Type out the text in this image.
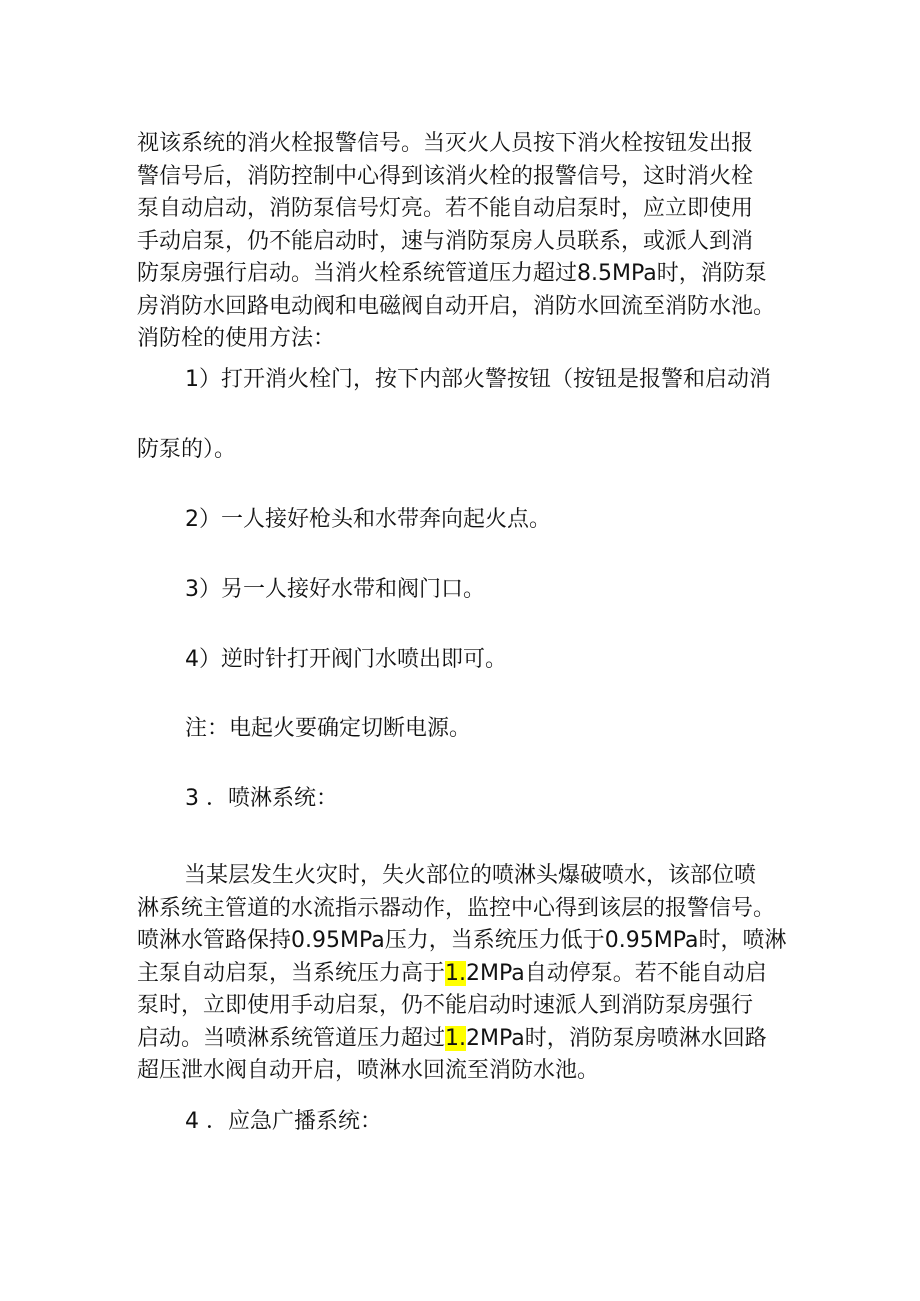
视该系统的消火栓报警信号。当灭火人员按下消火栓按钮发出报
警信号后，消防控制中心得到该消火栓的报警信号，这时消火栓
泵自动启动，消防泵信号灯亮。若不能自动启泵时，应立即使用
手动启泵，仍不能启动时，速与消防泵房人员联系，或派人到消
防泵房强行启动。当消火栓系统管道压力超过8.5MPa时，消防泵
房消防水回路电动阀和电磁阀自动开启，消防水回流至消防水池。
消防栓的使用方法：

1）打开消火栓门，按下内部火警按钮（按钮是报警和启动消

防泵的）。

2）一人接好枪头和水带奔向起火点。

3）另一人接好水带和阀门口。

4）逆时针打开阀门水喷出即可。

注：电起火要确定切断电源。

3 ．喷淋系统：

当某层发生火灾时，失火部位的喷淋头爆破喷水，该部位喷
淋系统主管道的水流指示器动作，监控中心得到该层的报警信号。
喷淋水管路保持0.95MPa压力，当系统压力低于0.95MPa时，喷淋
主泵自动启泵，当系统压力高于1.2MPa自动停泵。若不能自动启
泵时，立即使用手动启泵，仍不能启动时速派人到消防泵房强行
启动。当喷淋系统管道压力超过1.2MPa时，消防泵房喷淋水回路
超压泄水阀自动开启，喷淋水回流至消防水池。

4 ．应急广播系统：
